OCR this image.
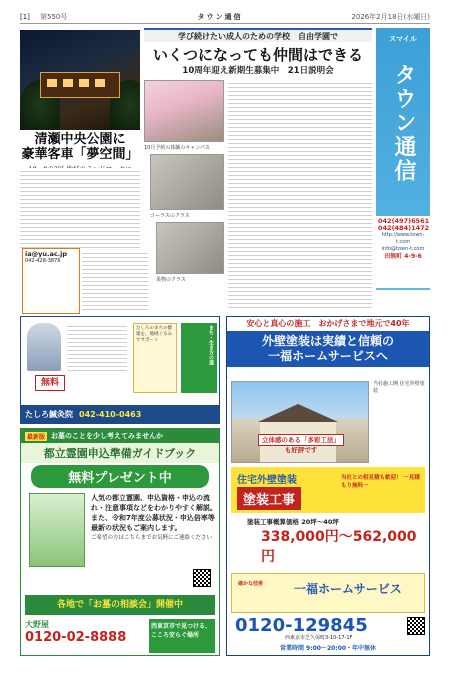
[1]	第550号	タウン通信	2026年2月18日(水曜日)
清瀬中央公園に
豪華客車「夢空間」
学び続けたい成人のための学校　自由学園で
いくつになっても仲間はできる
10周年迎え新期生募集中　21日説明会
10月予約の体験のキャンパス
コーラスのクラス
果物のクラス
ia@yu.ac.jp
042-428-3876
スマイル
タウン通信
042(497)6561
042(484)1472
http://www.town-t.com
info@town-t.com
田無町 4-9-6
無料
たしろのまちの健康を、地域ぐるみでサポート	まち・生き方の道
たしろ鍼灸院 042-410-0463
安心と真心の施工　おかげさまで地元で40年
外壁塗装は実績と信頼の
一福ホームサービスへ
立体感のある「多彩工法」も好評です
当社施工例 住宅外壁塗装
住宅外壁塗装
塗装工事
当社との相見積も歓迎！ 一見積もり無料一
塗装工事概算価格 20坪〜40坪
338,000円〜562,000円
確かな技術	一福ホームサービス
0120-129845
西東京市芝久保町3-10-17-1F
営業時間 9:00〜20:00・年中無休
最新版 お墓のことを少し考えてみませんか
都立霊園申込準備ガイドブック
無料プレゼント中
人気の都立霊園、申込資格・申込の流れ・注意事項などをわかりやすく解説。また、令和7年度公募状況・申込倍率等最新の状況もご案内します。
ご希望の方はこちらまでお気軽にご連絡ください
各地で「お墓の相談会」開催中
大野屋
0120-02-8888
西東京市で見つける、こころ安らぐ場所
